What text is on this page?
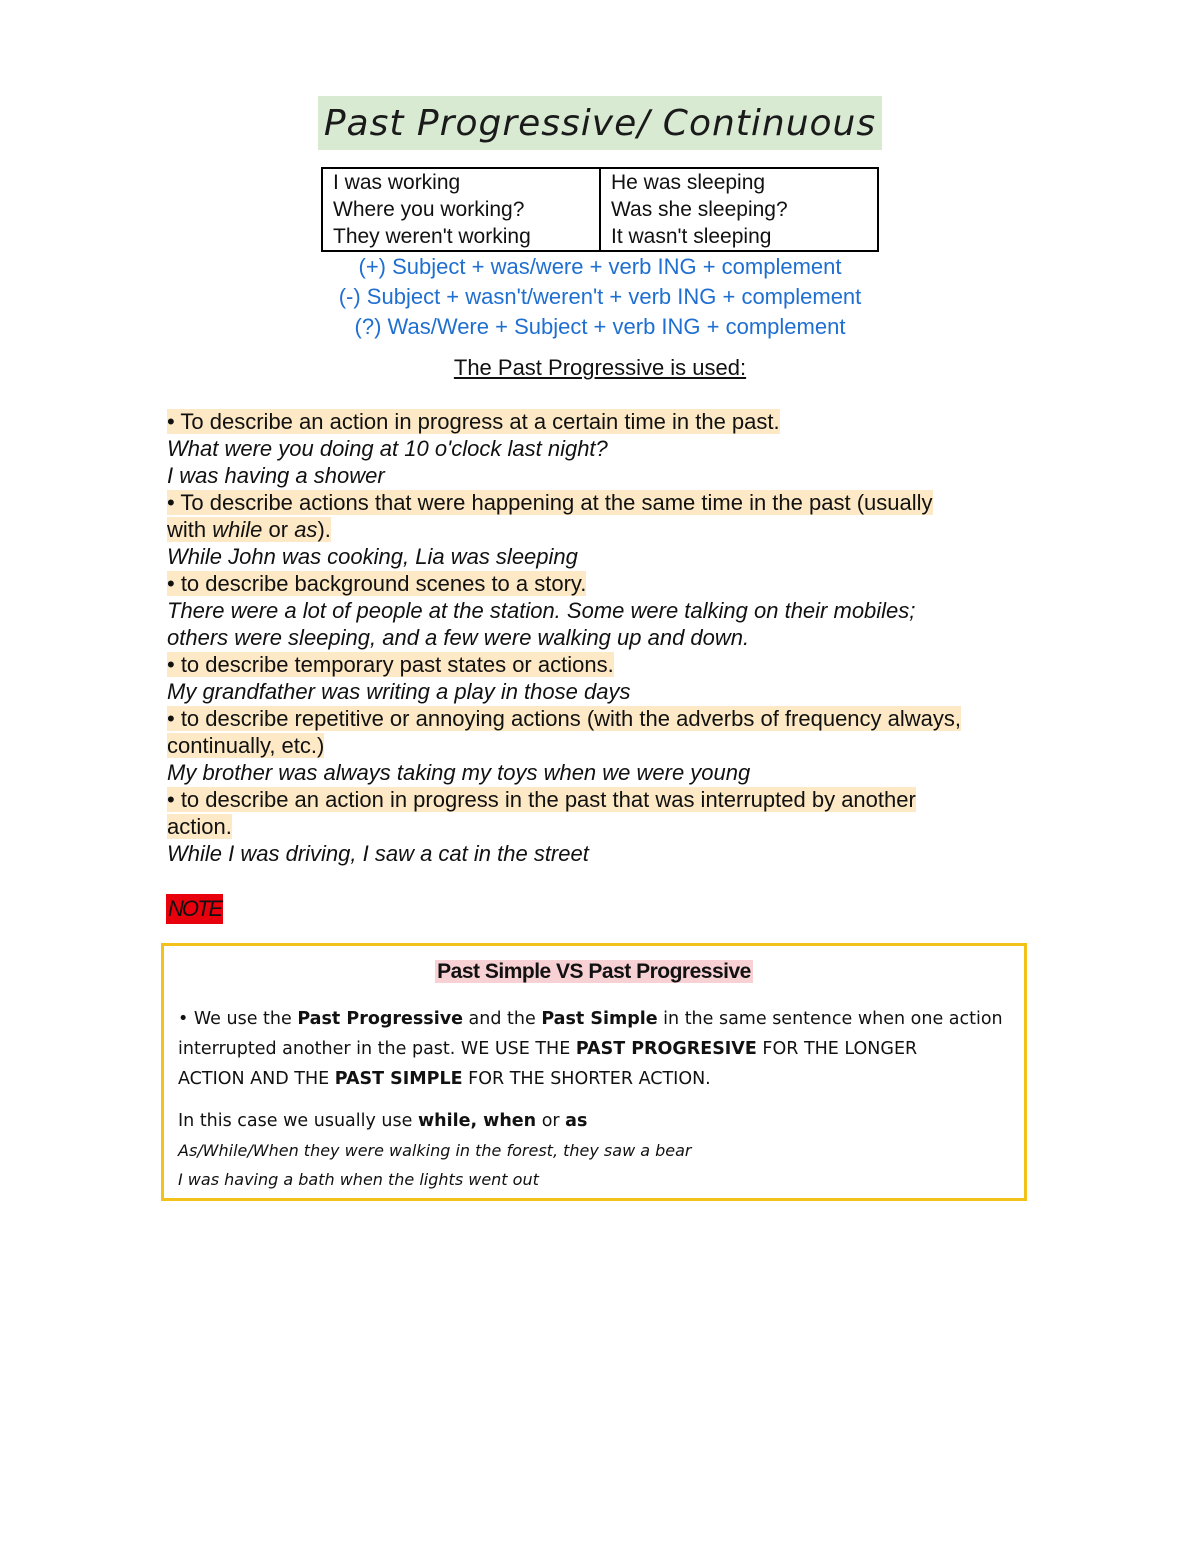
Past Progressive/ Continuous
I was working
Where you working?
They weren't working

He was sleeping
Was she sleeping?
It wasn't sleeping
(+) Subject + was/were + verb ING + complement
(-) Subject + wasn't/weren't + verb ING + complement
(?) Was/Were + Subject + verb ING + complement
The Past Progressive is used:
• To describe an action in progress at a certain time in the past.
What were you doing at 10 o'clock last night?
I was having a shower
• To describe actions that were happening at the same time in the past (usually
with while or as).
While John was cooking, Lia was sleeping
• to describe background scenes to a story.
There were a lot of people at the station. Some were talking on their mobiles;
others were sleeping, and a few were walking up and down.
• to describe temporary past states or actions.
My grandfather was writing a play in those days
• to describe repetitive or annoying actions (with the adverbs of frequency always,
continually, etc.)
My brother was always taking my toys when we were young
• to describe an action in progress in the past that was interrupted by another
action.
While I was driving, I saw a cat in the street
NOTE
Past Simple VS Past Progressive
• We use the Past Progressive and the Past Simple in the same sentence when one action
interrupted another in the past. WE USE THE PAST PROGRESIVE FOR THE LONGER
ACTION AND THE PAST SIMPLE FOR THE SHORTER ACTION.
In this case we usually use while, when or as
As/While/When they were walking in the forest, they saw a bear
I was having a bath when the lights went out
